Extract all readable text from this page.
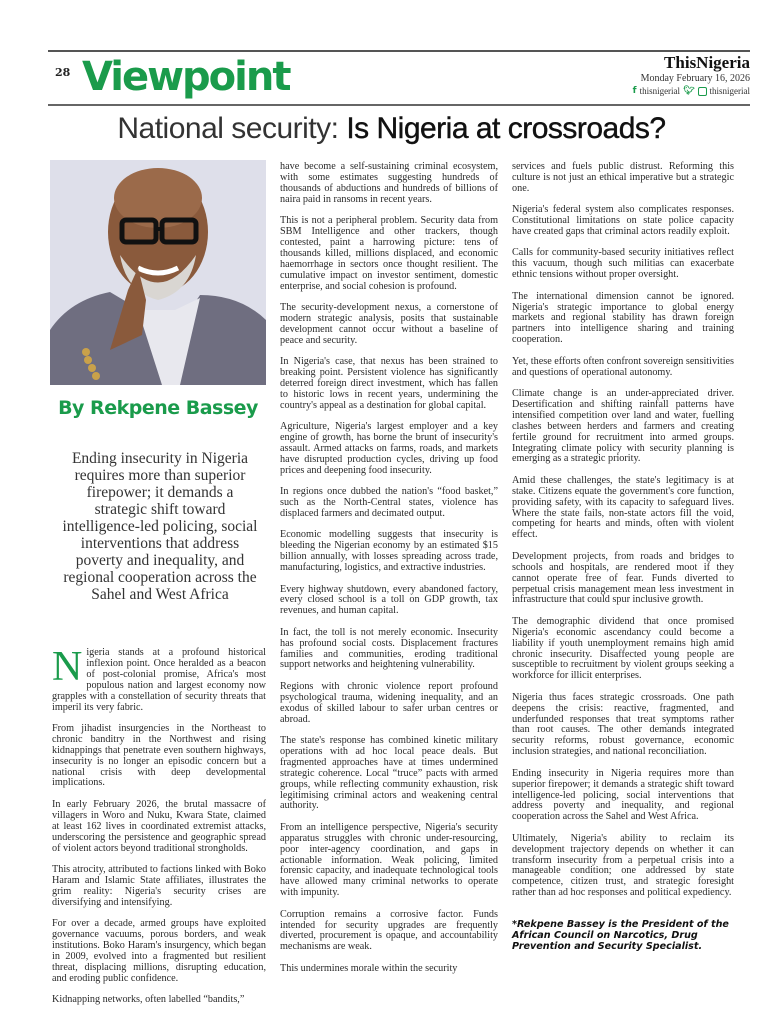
28 Viewpoint	ThisNigeria
Monday February 16, 2026
f thisnigerial 🐦︎ thisnigerial
National security: Is Nigeria at crossroads?
By Rekpene Bassey
Ending insecurity in Nigeria requires more than superior firepower; it demands a strategic shift toward intelligence-led policing, social interventions that address poverty and inequality, and regional cooperation across the Sahel and West Africa

Nigeria stands at a profound historical inflexion point. Once heralded as a beacon of post-colonial promise, Africa's most populous nation and largest economy now grapples with a constellation of security threats that imperil its very fabric.

From jihadist insurgencies in the Northeast to chronic banditry in the Northwest and rising kidnappings that penetrate even southern highways, insecurity is no longer an episodic concern but a national crisis with deep developmental implications.

In early February 2026, the brutal massacre of villagers in Woro and Nuku, Kwara State, claimed at least 162 lives in coordinated extremist attacks, underscoring the persistence and geographic spread of violent actors beyond traditional strongholds.

This atrocity, attributed to factions linked with Boko Haram and Islamic State affiliates, illustrates the grim reality: Nigeria's security crises are diversifying and intensifying.

For over a decade, armed groups have exploited governance vacuums, porous borders, and weak institutions. Boko Haram's insurgency, which began in 2009, evolved into a fragmented but resilient threat, displacing millions, disrupting education, and eroding public confidence.

Kidnapping networks, often labelled “bandits,”

have become a self-sustaining criminal ecosystem, with some estimates suggesting hundreds of thousands of abductions and hundreds of billions of naira paid in ransoms in recent years.

This is not a peripheral problem. Security data from SBM Intelligence and other trackers, though contested, paint a harrowing picture: tens of thousands killed, millions displaced, and economic haemorrhage in sectors once thought resilient. The cumulative impact on investor sentiment, domestic enterprise, and social cohesion is profound.

The security-development nexus, a cornerstone of modern strategic analysis, posits that sustainable development cannot occur without a baseline of peace and security.

In Nigeria's case, that nexus has been strained to breaking point. Persistent violence has significantly deterred foreign direct investment, which has fallen to historic lows in recent years, undermining the country's appeal as a destination for global capital.

Agriculture, Nigeria's largest employer and a key engine of growth, has borne the brunt of insecurity's assault. Armed attacks on farms, roads, and markets have disrupted production cycles, driving up food prices and deepening food insecurity.

In regions once dubbed the nation's “food basket,” such as the North-Central states, violence has displaced farmers and decimated output.

Economic modelling suggests that insecurity is bleeding the Nigerian economy by an estimated $15 billion annually, with losses spreading across trade, manufacturing, logistics, and extractive industries.

Every highway shutdown, every abandoned factory, every closed school is a toll on GDP growth, tax revenues, and human capital.

In fact, the toll is not merely economic. Insecurity has profound social costs. Displacement fractures families and communities, eroding traditional support networks and heightening vulnerability.

Regions with chronic violence report profound psychological trauma, widening inequality, and an exodus of skilled labour to safer urban centres or abroad.

The state's response has combined kinetic military operations with ad hoc local peace deals. But fragmented approaches have at times undermined strategic coherence. Local “truce” pacts with armed groups, while reflecting community exhaustion, risk legitimising criminal actors and weakening central authority.

From an intelligence perspective, Nigeria's security apparatus struggles with chronic under-resourcing, poor inter-agency coordination, and gaps in actionable information. Weak policing, limited forensic capacity, and inadequate technological tools have allowed many criminal networks to operate with impunity.

Corruption remains a corrosive factor. Funds intended for security upgrades are frequently diverted, procurement is opaque, and accountability mechanisms are weak.

This undermines morale within the security

services and fuels public distrust. Reforming this culture is not just an ethical imperative but a strategic one.

Nigeria's federal system also complicates responses. Constitutional limitations on state police capacity have created gaps that criminal actors readily exploit.

Calls for community-based security initiatives reflect this vacuum, though such militias can exacerbate ethnic tensions without proper oversight.

The international dimension cannot be ignored. Nigeria's strategic importance to global energy markets and regional stability has drawn foreign partners into intelligence sharing and training cooperation.

Yet, these efforts often confront sovereign sensitivities and questions of operational autonomy.

Climate change is an under-appreciated driver. Desertification and shifting rainfall patterns have intensified competition over land and water, fuelling clashes between herders and farmers and creating fertile ground for recruitment into armed groups. Integrating climate policy with security planning is emerging as a strategic priority.

Amid these challenges, the state's legitimacy is at stake. Citizens equate the government's core function, providing safety, with its capacity to safeguard lives. Where the state fails, non-state actors fill the void, competing for hearts and minds, often with violent effect.

Development projects, from roads and bridges to schools and hospitals, are rendered moot if they cannot operate free of fear. Funds diverted to perpetual crisis management mean less investment in infrastructure that could spur inclusive growth.

The demographic dividend that once promised Nigeria's economic ascendancy could become a liability if youth unemployment remains high amid chronic insecurity. Disaffected young people are susceptible to recruitment by violent groups seeking a workforce for illicit enterprises.

Nigeria thus faces strategic crossroads. One path deepens the crisis: reactive, fragmented, and underfunded responses that treat symptoms rather than root causes. The other demands integrated security reforms, robust governance, economic inclusion strategies, and national reconciliation.

Ending insecurity in Nigeria requires more than superior firepower; it demands a strategic shift toward intelligence-led policing, social interventions that address poverty and inequality, and regional cooperation across the Sahel and West Africa.

Ultimately, Nigeria's ability to reclaim its development trajectory depends on whether it can transform insecurity from a perpetual crisis into a manageable condition; one addressed by state competence, citizen trust, and strategic foresight rather than ad hoc responses and political expediency.

*Rekpene Bassey is the President of the African Council on Narcotics, Drug Prevention and Security Specialist.
